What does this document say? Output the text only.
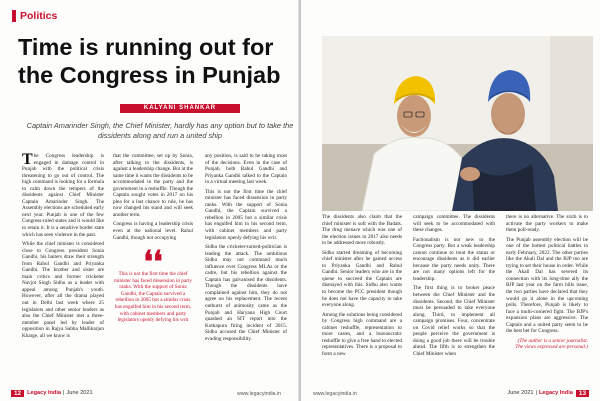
Politics
Time is running out for the Congress in Punjab
KALYANI SHANKAR
Captain Amarinder Singh, the Chief Minister, hardly has any option but to take the dissidents along and run a united ship

The Congress leadership is engaged in damage control in Punjab with the political crisis threatening to go out of control. The high command is looking for a formula to calm down the tempers of the dissidents against Chief Minister Captain Amarinder Singh. The Assembly elections are scheduled early next year. Punjab is one of the few Congress-ruled states and it would like to retain it. It is a sensitive border state which has seen violence in the past.

While the chief minister is considered close to Congress president Sonia Gandhi, his baiters draw their strength from Rahul Gandhi and Priyanka Gandhi. The brother and sister are main critics and former cricketer Navjot Singh Sidhu as a leader with appeal among Punjab's youth. However, after all the drama played out in Delhi last week where 25 legislators and other senior leaders as also the Chief Minister met a three-member panel led by leader of opposition in Rajya Sabha Mallikarjun Kharge, all we know is

that the committee, set up by Sonia, after talking to the dissidents, is against a leadership change. But at the same time it wants the dissidents to be accommodated in the party and the government in a reshuffle. Though the Captain sought votes in 2017 on his plea for a last chance to rule, he has now changed his stand and will seek another term.

Congress is having a leadership crisis even at the national level. Rahul Gandhi, though not occupying

❛❛
This is not the first time the chief minister has faced dissension in party ranks. With the support of Sonia Gandhi, the Captain survived a rebellion in 2005 but a similar crisis has engulfed him in his second term, with cabinet members and party legislators openly defying his writ

any position, is said to be taking most of the decisions. Even in the case of Punjab, both Rahul Gandhi and Priyanka Gandhi talked to the Captain in a virtual meeting last week.

This is not the first time the chief minister has faced dissension in party ranks. With the support of Sonia Gandhi, the Captain survived a rebellion in 2005 but a similar crisis has engulfed him in his second term, with cabinet members and party legislators openly defying his writ.

Sidhu the cricketer-turned-politician is leading the attack. The ambitious Sidhu may not command much influence over Congress MLAs or the cadre, but his rebellion against the Captain has galvanised the dissidents. Though the dissidents have complained against him, they do not agree on his replacement. The recent outburst of animosity came as the Punjab and Haryana High Court quashed an SIT report into the Kotkapura firing incident of 2015. Sidhu accused the Chief Minister of evading responsibility.

12	Legacy India | June 2021	www.legacyindia.in

The dissidents also claim that the chief minister is soft with the Badals. The drug menace which was one of the election issues in 2017 also needs to be addressed more robustly.

Sidhu started dreaming of becoming chief minister after he gained access to Priyanka Gandhi and Rahul Gandhi. Senior leaders who are in the queue to succeed the Captain are dismayed with this. Sidhu also wants to become the PCC president though he does not have the capacity to take everyone along.

Among the solutions being considered by Congress high command are a cabinet reshuffle, representation to more castes, and a bureaucratic reshuffle to give a free hand to elected representatives. There is a proposal to form a new

campaign committee. The dissidents will seek to be accommodated with these changes.

Factionalism is not new to the Congress party. But a weak leadership cannot continue to treat the status or encourage dissidents as it did earlier because the party needs unity. There are not many options left for the leadership.

The first thing is to broker peace between the Chief Minister and the dissidents. Second, the Chief Minister must be persuaded to take everyone along. Third, to implement all campaign promises. Four, concentrate on Covid relief works so that the people perceive the government is doing a good job there will be trouble ahead. The fifth is to strengthen the Chief Minister when

there is no alternative. The sixth is to activate the party workers to make them poll-ready.

The Punjab assembly election will be one of the hottest political battles in early February, 2022. The other parties like the Akali Dal and the BJP too are trying to set their house in order. While the Akali Dal has severed its connection with its long-time ally the BJP last year on the farm bills issue, the two parties have declared that they would go it alone in the upcoming polls. Therefore, Punjab is likely to face a multi-cornered fight. The BJP's expansion plans are aggressive. The Captain and a united party seem to be the best bet for Congress.

(The author is a senior journalist.

The views expressed are personal.)

www.legacyindia.in	June 2021 | Legacy India 13
